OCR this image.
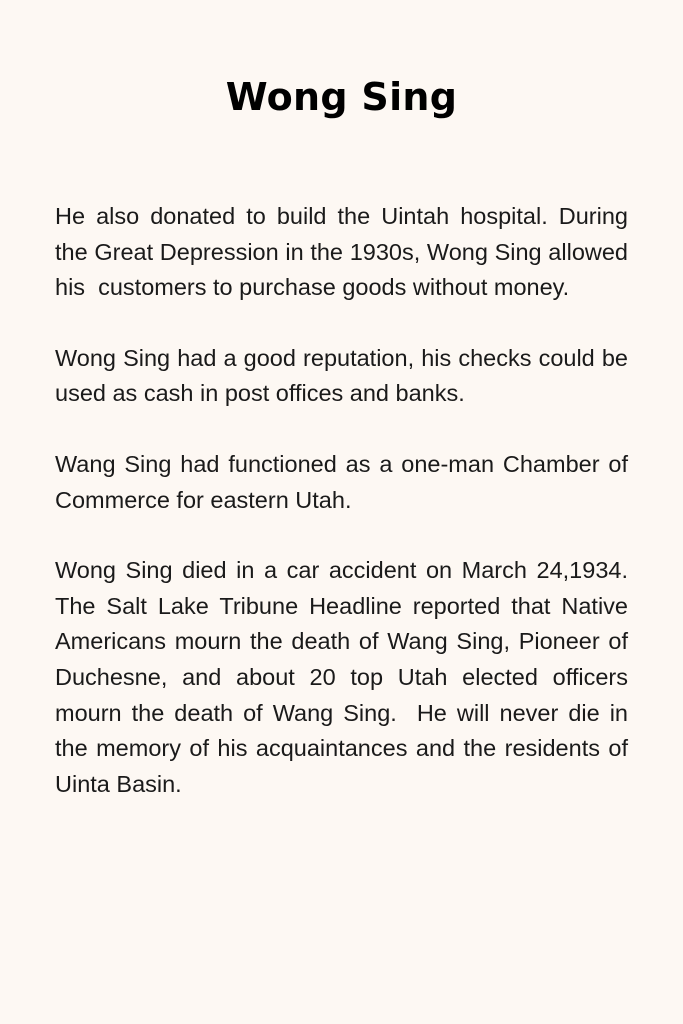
Wong Sing

He also donated to build the Uintah hospital. During the Great Depression in the 1930s, Wong Sing allowed his  customers to purchase goods without money.

Wong Sing had a good reputation, his checks could be used as cash in post offices and banks.

Wang Sing had functioned as a one-man Chamber of Commerce for eastern Utah.

Wong Sing died in a car accident on March 24,1934. The Salt Lake Tribune Headline reported that Native Americans mourn the death of Wang Sing, Pioneer of Duchesne, and about 20 top Utah elected officers mourn the death of Wang Sing.  He will never die in the memory of his acquaintances and the residents of Uinta Basin.
